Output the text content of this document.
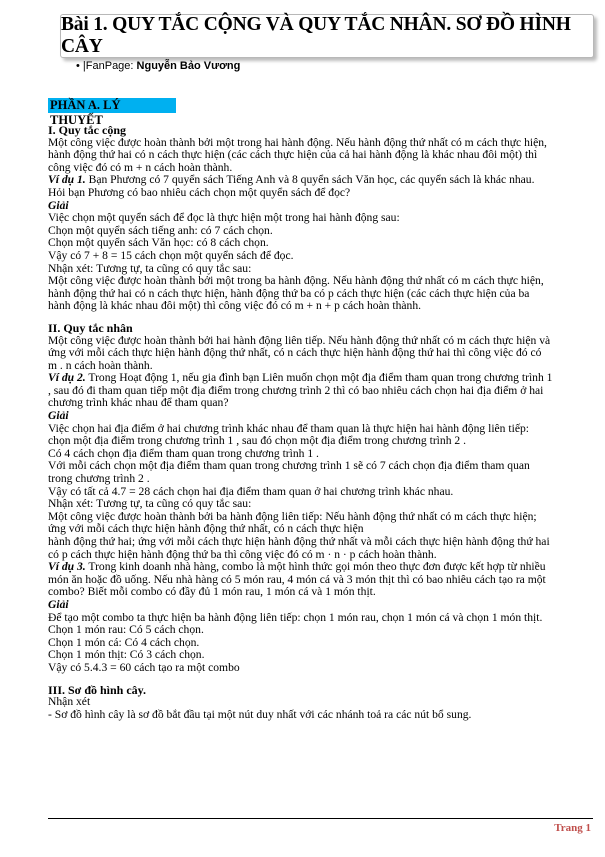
Bài 1. QUY TẮC CỘNG VÀ QUY TẮC NHÂN. SƠ ĐỒ HÌNH CÂY
• |FanPage: Nguyễn Bảo Vương
PHẦN A. LÝ THUYẾT

I. Quy tắc cộng

Một công việc được hoàn thành bởi một trong hai hành động. Nếu hành động thứ nhất có m cách thực hiện,

hành động thứ hai có n cách thực hiện (các cách thực hiện của cả hai hành động là khác nhau đôi một) thì

công việc đó có m + n cách hoàn thành.

Ví dụ 1. Bạn Phương có 7 quyển sách Tiếng Anh và 8 quyển sách Văn học, các quyển sách là khác nhau.

Hỏi bạn Phương có bao nhiêu cách chọn một quyển sách để đọc?

Giải

Việc chọn một quyển sách để đọc là thực hiện một trong hai hành động sau:

Chọn một quyển sách tiếng anh: có 7 cách chọn.

Chọn một quyển sách Văn học: có 8 cách chọn.

Vậy có 7 + 8 = 15 cách chọn một quyển sách để đọc.

Nhận xét: Tương tự, ta cũng có quy tắc sau:

Một công việc được hoàn thành bởi một trong ba hành động. Nếu hành động thứ nhất có m cách thực hiện,

hành động thứ hai có n cách thực hiện, hành động thứ ba có p cách thực hiện (các cách thực hiện của ba

hành động là khác nhau đôi một) thì công việc đó có m + n + p cách hoàn thành.

II. Quy tắc nhân

Một công việc được hoàn thành bởi hai hành động liên tiếp. Nếu hành động thứ nhất có m cách thực hiện và

ứng với mỗi cách thực hiện hành động thứ nhất, có n cách thực hiện hành động thứ hai thì công việc đó có

m . n cách hoàn thành.

Ví dụ 2. Trong Hoạt động 1, nếu gia đình bạn Liên muốn chọn một địa điểm tham quan trong chương trình 1

, sau đó đi tham quan tiếp một địa điểm trong chương trình 2 thì có bao nhiêu cách chọn hai địa điểm ở hai

chương trình khác nhau để tham quan?

Giải

Việc chọn hai địa điểm ở hai chương trình khác nhau để tham quan là thực hiện hai hành động liên tiếp:

chọn một địa điểm trong chương trình 1 , sau đó chọn một địa điểm trong chương trình 2 .

Có 4 cách chọn địa điểm tham quan trong chương trình 1 .

Với mỗi cách chọn một địa điểm tham quan trong chương trình 1 sẽ có 7 cách chọn địa điểm tham quan

trong chương trình 2 .

Vậy có tất cả 4.7 = 28 cách chọn hai địa điểm tham quan ở hai chương trình khác nhau.

Nhận xét: Tương tự, ta cũng có quy tắc sau:

Một công việc được hoàn thành bởi ba hành động liên tiếp: Nếu hành động thứ nhất có m cách thực hiện;

ứng với mỗi cách thực hiện hành động thứ nhất, có n cách thực hiện

hành động thứ hai; ứng với mỗi cách thực hiện hành động thứ nhất và mỗi cách thực hiện hành động thứ hai

có p cách thực hiện hành động thứ ba thì công việc đó có m · n · p cách hoàn thành.

Ví dụ 3. Trong kinh doanh nhà hàng, combo là một hình thức gọi món theo thực đơn được kết hợp từ nhiều

món ăn hoặc đồ uống. Nếu nhà hàng có 5 món rau, 4 món cá và 3 món thịt thì có bao nhiêu cách tạo ra một

combo? Biết mỗi combo có đầy đủ 1 món rau, 1 món cá và 1 món thịt.

Giải

Để tạo một combo ta thực hiện ba hành động liên tiếp: chọn 1 món rau, chọn 1 món cá và chọn 1 món thịt.

Chọn 1 món rau: Có 5 cách chọn.

Chọn 1 món cá: Có 4 cách chọn.

Chọn 1 món thịt: Có 3 cách chọn.

Vậy có 5.4.3 = 60 cách tạo ra một combo

III. Sơ đồ hình cây.

Nhận xét

- Sơ đồ hình cây là sơ đồ bắt đầu tại một nút duy nhất với các nhánh toả ra các nút bổ sung.

Trang 1
